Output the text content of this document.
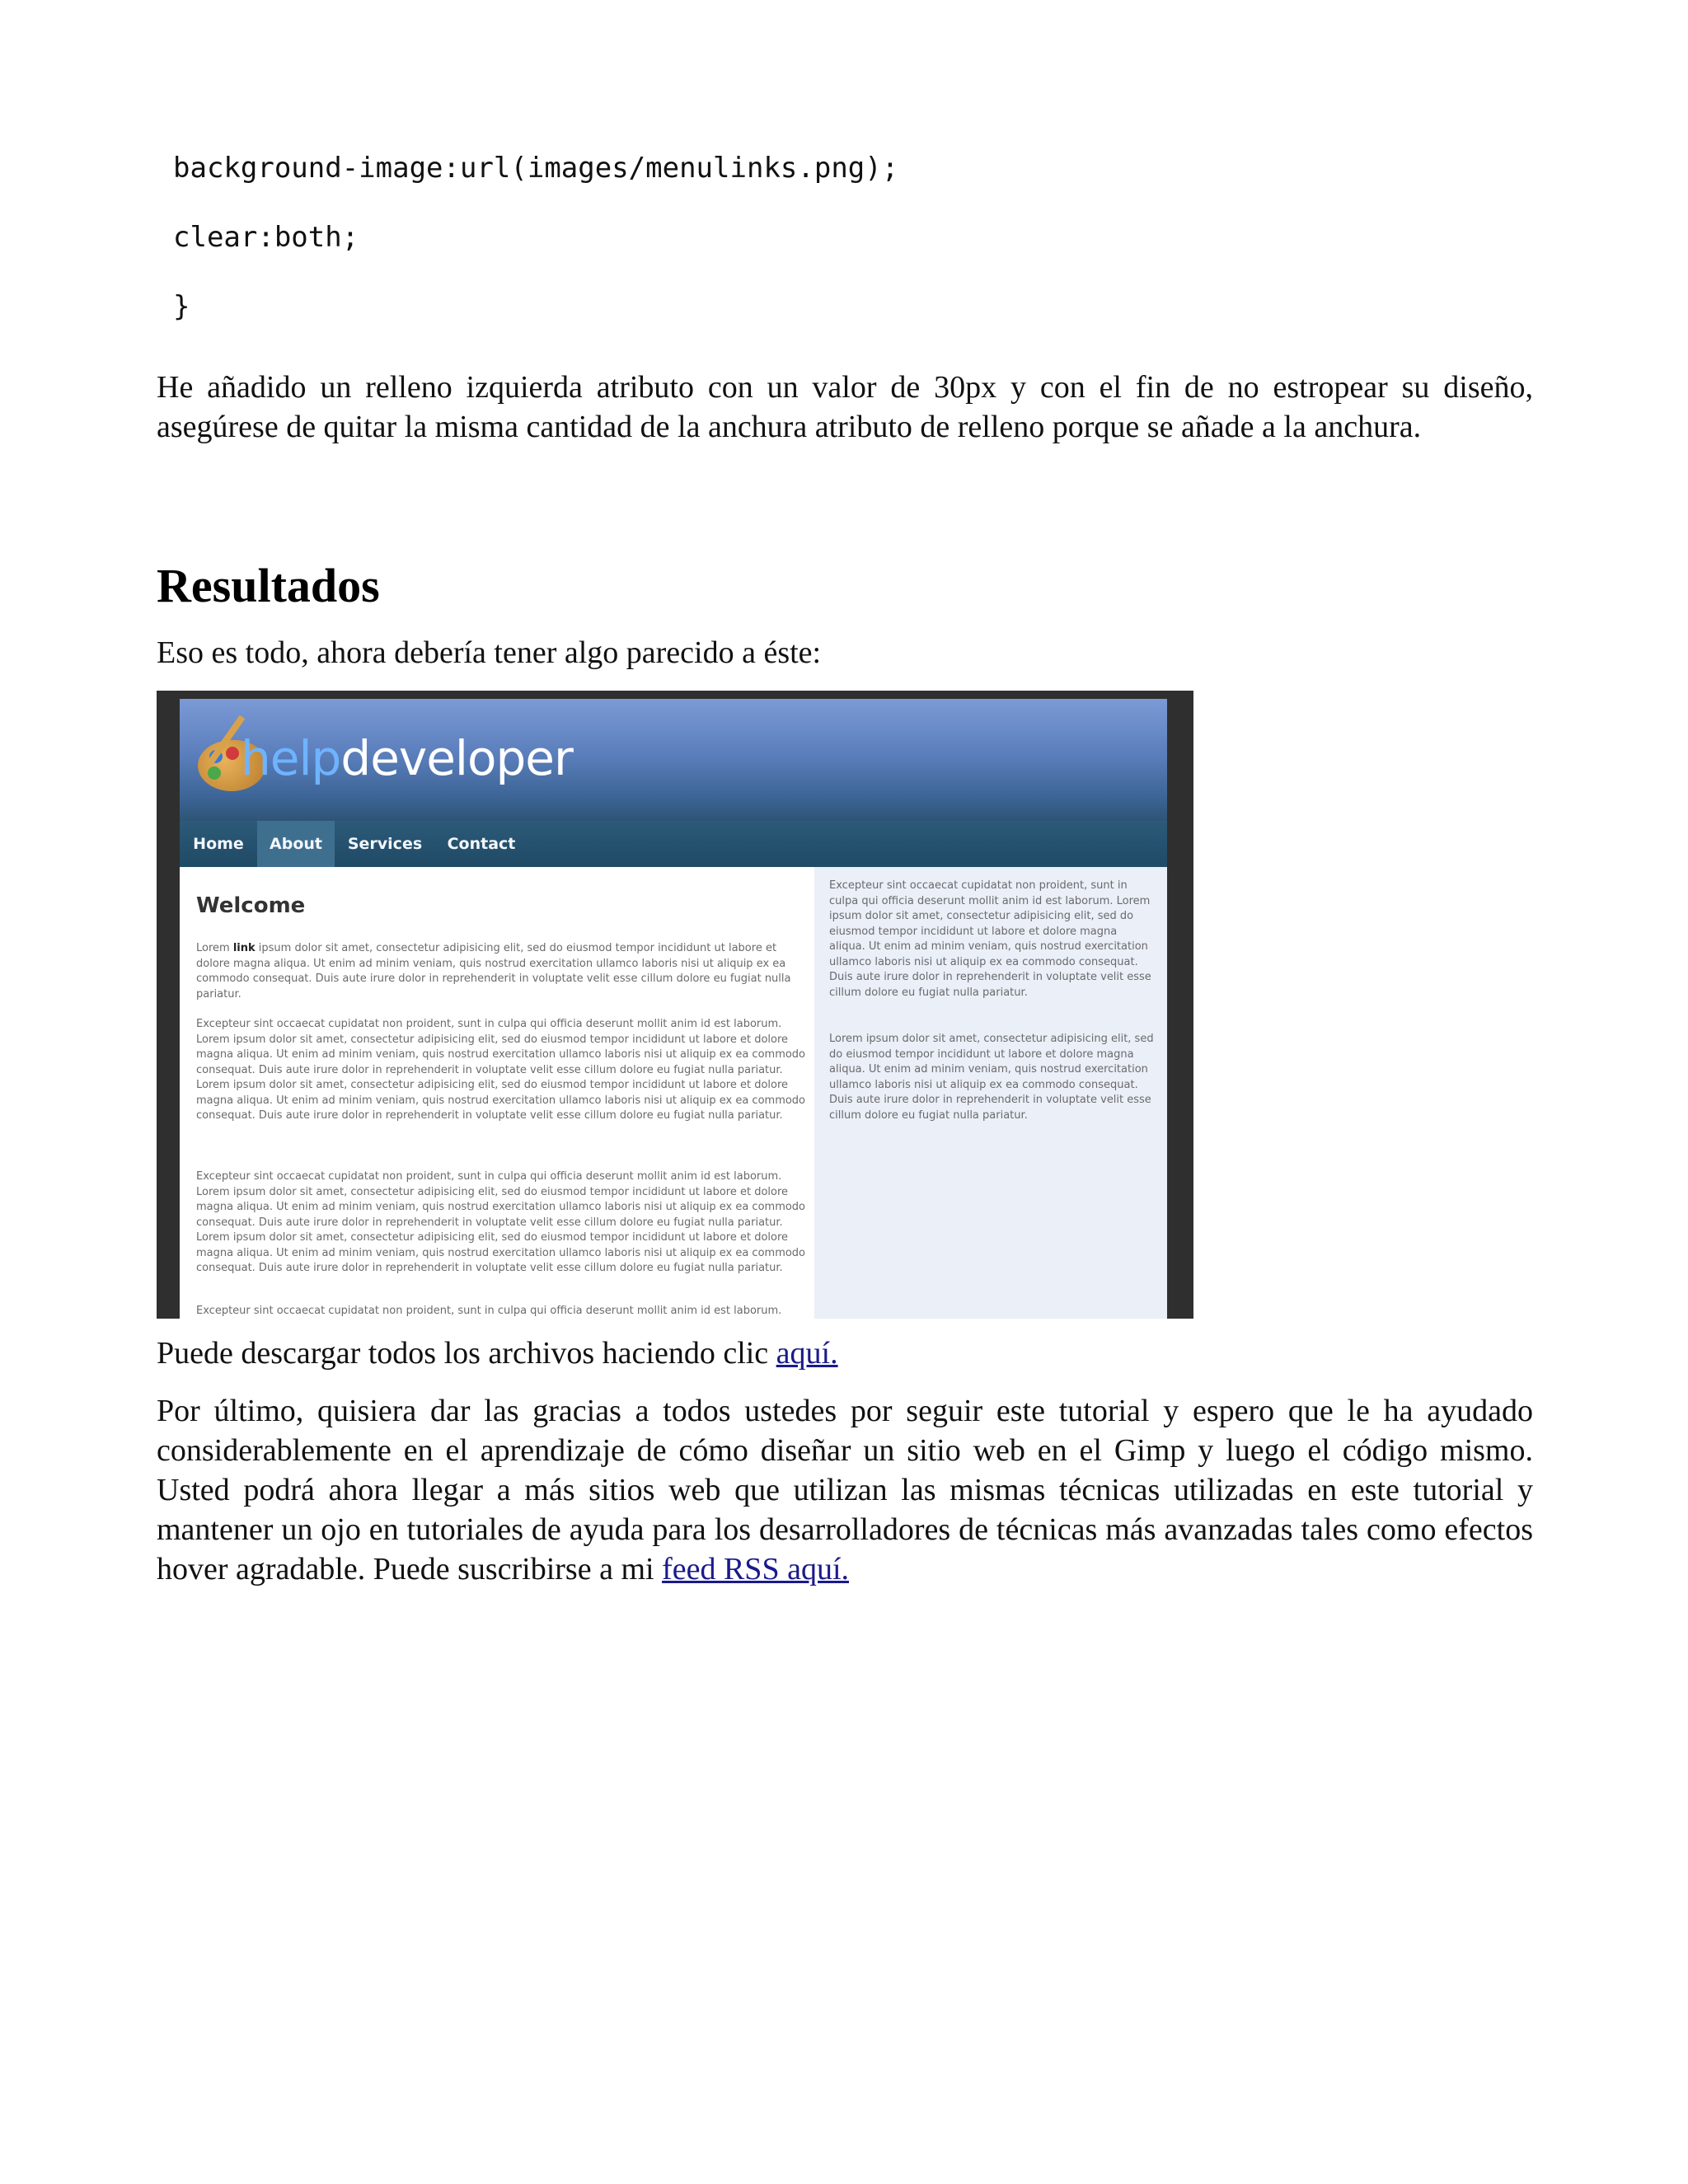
background-image:url(images/menulinks.png);
clear:both;
}

He añadido un relleno izquierda atributo con un valor de 30px y con el fin de no estropear su diseño, asegúrese de quitar la misma cantidad de la anchura atributo de relleno porque se añade a la anchura.

Resultados

Eso es todo, ahora debería tener algo parecido a éste:

helpdeveloper
Home	About	Services	Contact
Welcome

Lorem link ipsum dolor sit amet, consectetur adipisicing elit, sed do eiusmod tempor incididunt ut labore et dolore magna aliqua. Ut enim ad minim veniam, quis nostrud exercitation ullamco laboris nisi ut aliquip ex ea commodo consequat. Duis aute irure dolor in reprehenderit in voluptate velit esse cillum dolore eu fugiat nulla pariatur.

Excepteur sint occaecat cupidatat non proident, sunt in culpa qui officia deserunt mollit anim id est laborum. Lorem ipsum dolor sit amet, consectetur adipisicing elit, sed do eiusmod tempor incididunt ut labore et dolore magna aliqua. Ut enim ad minim veniam, quis nostrud exercitation ullamco laboris nisi ut aliquip ex ea commodo consequat. Duis aute irure dolor in reprehenderit in voluptate velit esse cillum dolore eu fugiat nulla pariatur. Lorem ipsum dolor sit amet, consectetur adipisicing elit, sed do eiusmod tempor incididunt ut labore et dolore magna aliqua. Ut enim ad minim veniam, quis nostrud exercitation ullamco laboris nisi ut aliquip ex ea commodo consequat. Duis aute irure dolor in reprehenderit in voluptate velit esse cillum dolore eu fugiat nulla pariatur.

Excepteur sint occaecat cupidatat non proident, sunt in culpa qui officia deserunt mollit anim id est laborum. Lorem ipsum dolor sit amet, consectetur adipisicing elit, sed do eiusmod tempor incididunt ut labore et dolore magna aliqua. Ut enim ad minim veniam, quis nostrud exercitation ullamco laboris nisi ut aliquip ex ea commodo consequat. Duis aute irure dolor in reprehenderit in voluptate velit esse cillum dolore eu fugiat nulla pariatur. Lorem ipsum dolor sit amet, consectetur adipisicing elit, sed do eiusmod tempor incididunt ut labore et dolore magna aliqua. Ut enim ad minim veniam, quis nostrud exercitation ullamco laboris nisi ut aliquip ex ea commodo consequat. Duis aute irure dolor in reprehenderit in voluptate velit esse cillum dolore eu fugiat nulla pariatur.

Excepteur sint occaecat cupidatat non proident, sunt in culpa qui officia deserunt mollit anim id est laborum.

Excepteur sint occaecat cupidatat non proident, sunt in culpa qui officia deserunt mollit anim id est laborum. Lorem ipsum dolor sit amet, consectetur adipisicing elit, sed do eiusmod tempor incididunt ut labore et dolore magna aliqua. Ut enim ad minim veniam, quis nostrud exercitation ullamco laboris nisi ut aliquip ex ea commodo consequat. Duis aute irure dolor in reprehenderit in voluptate velit esse cillum dolore eu fugiat nulla pariatur.

Lorem ipsum dolor sit amet, consectetur adipisicing elit, sed do eiusmod tempor incididunt ut labore et dolore magna aliqua. Ut enim ad minim veniam, quis nostrud exercitation ullamco laboris nisi ut aliquip ex ea commodo consequat. Duis aute irure dolor in reprehenderit in voluptate velit esse cillum dolore eu fugiat nulla pariatur.

Puede descargar todos los archivos haciendo clic aquí.

Por último, quisiera dar las gracias a todos ustedes por seguir este tutorial y espero que le ha ayudado considerablemente en el aprendizaje de cómo diseñar un sitio web en el Gimp y luego el código mismo. Usted podrá ahora llegar a más sitios web que utilizan las mismas técnicas utilizadas en este tutorial y mantener un ojo en tutoriales de ayuda para los desarrolladores de técnicas más avanzadas tales como efectos hover agradable. Puede suscribirse a mi feed RSS aquí.
